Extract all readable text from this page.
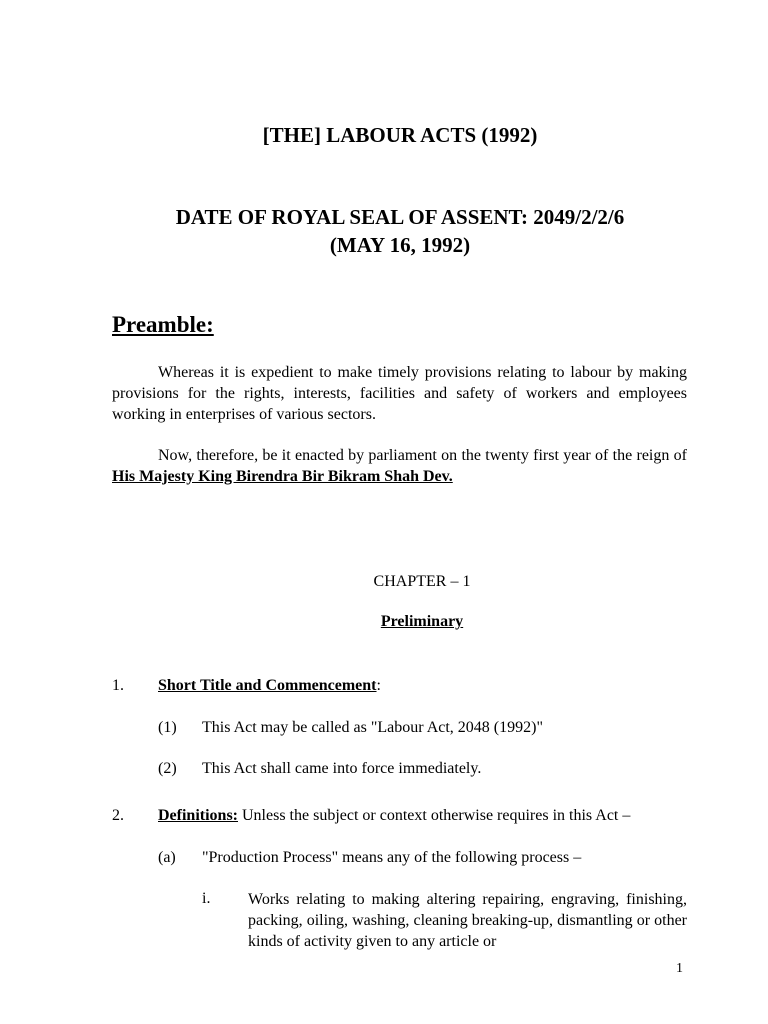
[THE] LABOUR ACTS (1992)
DATE OF ROYAL SEAL OF ASSENT: 2049/2/2/6
(MAY 16, 1992)
Preamble:
Whereas it is expedient to make timely provisions relating to labour by making provisions for the rights, interests, facilities and safety of workers and employees working in enterprises of various sectors.
Now, therefore, be it enacted by parliament on the twenty first year of the reign of His Majesty King Birendra Bir Bikram Shah Dev.
CHAPTER – 1
Preliminary
1. Short Title and Commencement:
(1) This Act may be called as "Labour Act, 2048 (1992)"
(2) This Act shall came into force immediately.
2. Definitions: Unless the subject or context otherwise requires in this Act –
(a) "Production Process" means any of the following process –
i. Works relating to making altering repairing, engraving, finishing, packing, oiling, washing, cleaning breaking-up, dismantling or other kinds of activity given to any article or
1
